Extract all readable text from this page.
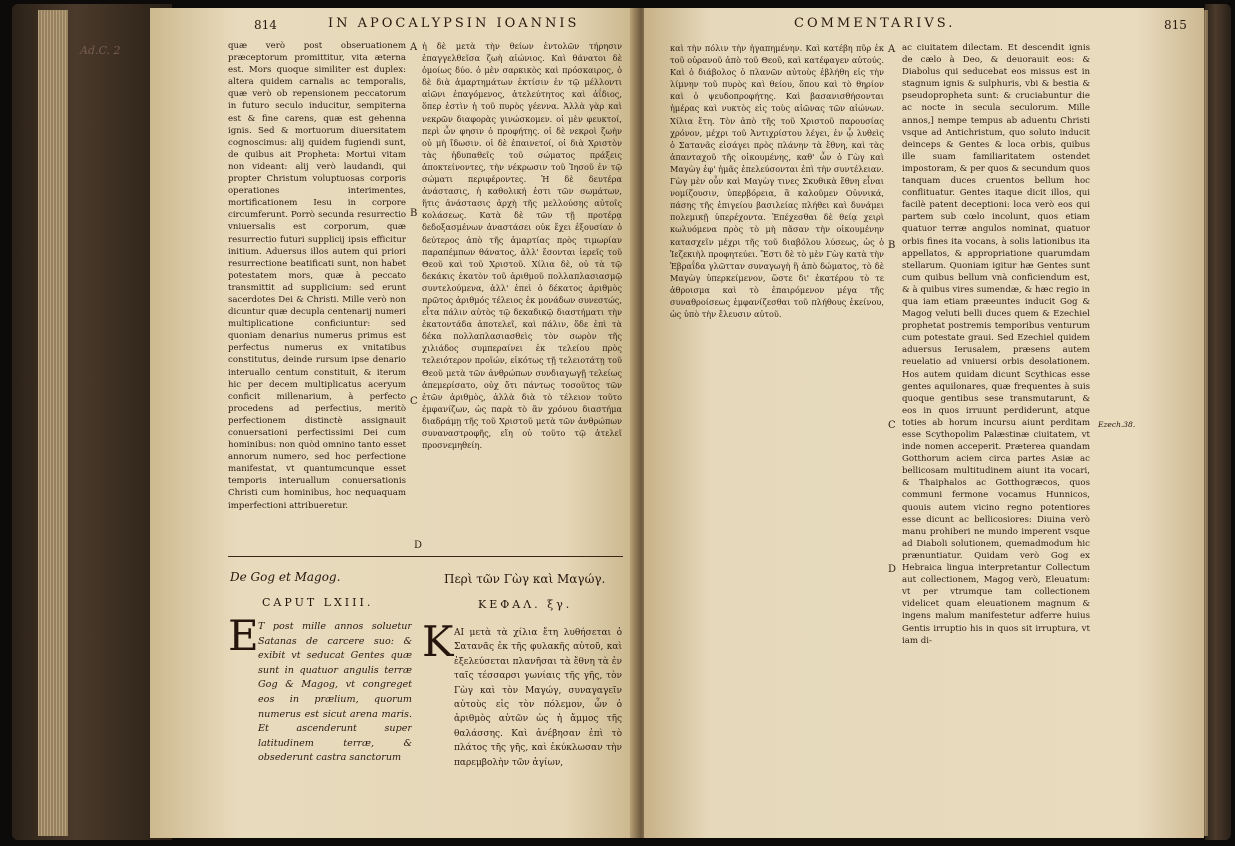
Ad.C. 2
814	IN APOCALYPSIN IOANNIS

quæ verò post obseruationem præceptorum promittitur, vita æterna est. Mors quoque similiter est duplex: altera quidem carnalis ac temporalis, quæ verò ob repensionem peccatorum in futuro seculo inducitur, sempiterna est & fine carens, quæ est gehenna ignis. Sed & mortuorum diuersitatem cognoscimus: alij quidem fugiendi sunt, de quibus ait Propheta: Mortui vitam non videant: alij verò laudandi, qui propter Christum voluptuosas corporis operationes interimentes, mortificationem Iesu in corpore circumferunt. Porrò secunda resurrectio vniuersalis est corporum, quæ resurrectio futuri supplicij ipsis efficitur initium. Aduersus illos autem qui priori resurrectione beatificati sunt, non habet potestatem mors, quæ à peccato transmittit ad supplicium: sed erunt sacerdotes Dei & Christi. Mille verò non dicuntur quæ decupla centenarij numeri multiplicatione conficiuntur: sed quoniam denarius numerus primus est perfectus numerus ex vnitatibus constitutus, deinde rursum ipse denario interuallo centum constituit, & iterum hic per decem multiplicatus acerуum conficit millenarium, à perfecto procedens ad perfectius, meritò perfectionem distinctè assignauit conuersationi perfectissimi Dei cum hominibus: non quòd omnino tanto esset annorum numero, sed hoc perfectione manifestat, vt quantumcunque esset temporis interuallum conuersationis Christi cum hominibus, hoc nequaquam imperfectioni attribueretur.

A
B
C

ἡ δὲ μετὰ τὴν θείων ἐντολῶν τήρησιν ἐπαγγελθεῖσα ζωὴ αἰώνιος. Καὶ θάνατοι δὲ ὁμοίως δύο. ὁ μὲν σαρκικὸς καὶ πρόσκαιρος, ὁ δὲ διὰ ἀμαρτημάτων ἐκτίσιν ἐν τῷ μέλλοντι αἰῶνι ἐπαγόμενος, ἀτελεύτητος καὶ ἀΐδιος, ὅπερ ἐστὶν ἡ τοῦ πυρὸς γέεννα. Ἀλλὰ γὰρ καὶ νεκρῶν διαφορὰς γινώσκομεν. οἱ μὲν φευκτοί, περὶ ὧν φησιν ὁ προφήτης. οἱ δὲ νεκροὶ ζωὴν οὐ μὴ ἴδωσιν. οἱ δὲ ἐπαινετοί, οἱ διὰ Χριστὸν τὰς ἡδυπαθεῖς τοῦ σώματος πράξεις ἀποκτείνοντες, τὴν νέκρωσιν τοῦ Ἰησοῦ ἐν τῷ σώματι περιφέροντες. Ἡ δὲ δευτέρα ἀνάστασις, ἡ καθολική ἐστι τῶν σωμάτων, ἥτις ἀνάστασις ἀρχὴ τῆς μελλούσης αὐτοῖς κολάσεως. Κατὰ δὲ τῶν τῇ προτέρᾳ δεδοξασμένων ἀναστάσει οὐκ ἔχει ἐξουσίαν ὁ δεύτερος ἀπὸ τῆς ἁμαρτίας πρὸς τιμωρίαν παραπέμπων θάνατος, ἀλλ' ἔσονται ἱερεῖς τοῦ Θεοῦ καὶ τοῦ Χριστοῦ. Χίλια δὲ, οὐ τὰ τῷ δεκάκις ἑκατὸν τοῦ ἀριθμοῦ πολλαπλασιασμῷ συντελούμενα, ἀλλ' ἐπεὶ ὁ δέκατος ἀριθμὸς πρῶτος ἀριθμός τέλειος ἐκ μονάδων συνεστώς, εἶτα πάλιν αὐτὸς τῷ δεκαδικῷ διαστήματι τὴν ἑκατοντάδα ἀποτελεῖ, καὶ πάλιν, ὅδε ἐπὶ τὰ δέκα πολλαπλασιασθεὶς τὸν σωρὸν τῆς χιλιάδος συμπεραίνει ἐκ τελείου πρὸς τελειότερον προϊών, εἰκότως τῇ τελειοτάτῃ τοῦ Θεοῦ μετὰ τῶν ἀνθρώπων συνδιαγωγῇ τελείως ἀπεμερίσατο, οὐχ ὅτι πάντως τοσοῦτος τῶν ἐτῶν ἀριθμὸς, ἀλλὰ διὰ τὸ τέλειον τοῦτο ἐμφανίζων, ὡς παρὰ τὸ ἂν χρόνου διαστήμα διαδράμῃ τῆς τοῦ Χριστοῦ μετὰ τῶν ἀνθρώπων συναναστροφῆς, εἴη οὐ τοῦτο τῷ ἀτελεῖ προσνεμηθείη.

D
De Gog et Magog.
CAPUT LXIII.
Περὶ τῶν Γὼγ καὶ Μαγώγ.
ΚΕΦΑΛ. ξγ.
E T post mille annos soluetur Satanas de carcere suo: & exibit vt seducat Gentes quæ sunt in quatuor angulis terræ Gog & Magog, vt congreget eos in prælium, quorum numerus est sicut arena maris. Et ascenderunt super latitudinem terræ, & obsederunt castra sanctorum

K AI μετὰ τὰ χίλια ἔτη λυθήσεται ὁ Σατανᾶς ἐκ τῆς φυλακῆς αὐτοῦ, καὶ ἐξελεύσεται πλανῆσαι τὰ ἔθνη τὰ ἐν ταῖς τέσσαρσι γωνίαις τῆς γῆς, τὸν Γὼγ καὶ τὸν Μαγώγ, συναγαγεῖν αὐτοὺς εἰς τὸν πόλεμον, ὧν ὁ ἀριθμὸς αὐτῶν ὡς ἡ ἄμμος τῆς θαλάσσης. Καὶ ἀνέβησαν ἐπὶ τὸ πλάτος τῆς γῆς, καὶ ἐκύκλωσαν τὴν παρεμβολὴν τῶν ἁγίων,

COMMENTARIVS.	815

καὶ τὴν πόλιν τὴν ἠγαπημένην. Καὶ κατέβη πῦρ ἐκ τοῦ οὐρανοῦ ἀπὸ τοῦ Θεοῦ, καὶ κατέφαγεν αὐτούς. Καὶ ὁ διάβολος ὁ πλανῶν αὐτοὺς ἐβλήθη εἰς τὴν λίμνην τοῦ πυρὸς καὶ θείου, ὅπου καὶ τὸ θηρίον καὶ ὁ ψευδοπροφήτης. Καὶ βασανισθήσονται ἡμέρας καὶ νυκτὸς εἰς τοὺς αἰῶνας τῶν αἰώνων. Χίλια ἔτη. Τὸν ἀπὸ τῆς τοῦ Χριστοῦ παρουσίας χρόνον, μέχρι τοῦ Ἀντιχρίστου λέγει, ἐν ᾧ λυθεὶς ὁ Σατανᾶς εἰσάγει πρὸς πλάνην τὰ ἔθνη, καὶ τὰς ἁπανταχοῦ τῆς οἰκουμένης, καθ' ὧν ὁ Γὼγ καὶ Μαγὼγ ἐφ' ἡμᾶς ἐπελεύσονται ἐπὶ τὴν συντέλειαν. Γὼγ μὲν οὖν καὶ Μαγὼγ τινες Σκυθικὰ ἔθνη εἶναι νομίζουσιν, ὑπερβόρεια, ἃ καλοῦμεν Οὐννικά, πάσης τῆς ἐπιγείου βασιλείας πλήθει καὶ δυνάμει πολεμικῇ ὑπερέχοντα. Ἐπέχεσθαι δὲ θείᾳ χειρὶ κωλυόμενα πρὸς τὸ μὴ πᾶσαν τὴν οἰκουμένην κατασχεῖν μέχρι τῆς τοῦ διαβόλου λύσεως, ὡς ὁ Ἰεζεκιὴλ προφητεύει. Ἔστι δὲ τὸ μὲν Γὼγ κατὰ τὴν Ἑβραΐδα γλῶτταν συναγωγὴ ἢ ἀπὸ δώματος, τὸ δὲ Μαγὼγ ὑπερκείμενον, ὥστε δι' ἐκατέρου τὸ τε ἀθροισμα καὶ τὸ ἐπαιρόμενον μέγα τῆς συναθροίσεως ἐμφανίζεσθαι τοῦ πλήθους ἐκείνου, ὡς ὑπὸ τὴν ἔλευσιν αὐτοῦ.

A
B
C
D

ac ciuitatem dilectam. Et descendit ignis de cælo à Deo, & deuorauit eos: & Diabolus qui seducebat eos missus est in stagnum ignis & sulphuris, vbi & bestia & pseudopropheta sunt: & cruciabuntur die ac nocte in secula seculorum. Mille annos,] nempe tempus ab aduentu Christi vsque ad Antichristum, quo soluto inducit deinceps & Gentes & loca orbis, quibus ille suam familiaritatem ostendet impostoram, & per quos & secundum quos tanquam duces cruentos bellum hoc conflituatur. Gentes itaque dicit illos, qui facilè patent deceptioni: loca verò eos qui partem sub cœlo incolunt, quos etiam quatuor terræ angulos nominat, quatuor orbis fines ita vocans, à solis lationibus ita appellatos, & appropriatione quarumdam stellarum. Quoniam igitur hæ Gentes sunt cum quibus bellum vnà conficiendum est, & à quibus vires sumendæ, & hæc regio in qua iam etiam præeuntes inducit Gog & Magog veluti belli duces quem & Ezechiel prophetat postremis temporibus venturum cum potestate graui. Sed Ezechiel quidem aduersus Ierusalem, præsens autem reuelatio ad vniuersi orbis desolationem. Hos autem quidam dicunt Scythicas esse gentes aquilonares, quæ frequentes à suis quoque gentibus sese transmutarunt, & eos in quos irruunt perdiderunt, atque toties ab horum incursu aiunt perditam esse Scythopolim Palæstinæ ciuitatem, vt inde nomen acceperit. Præterea quandam Gotthorum aciem circa partes Asiæ ac bellicosam multitudinem aiunt ita vocari, & Thaiphalos ac Gotthogræcos, quos communi fermone vocamus Hunnicos, quouis autem vicino regno potentiores esse dicunt ac bellicosiores: Diuina verò manu prohiberi ne mundo imperent vsque ad Diaboli solutionem, quemadmodum hic prænuntiatur. Quidam verò Gog ex Hebraica lingua interpretantur Collectum aut collectionem, Magog verò, Eleuatum: vt per vtrumque tam collectionem videlicet quam eleuationem magnum & ingens malum manifestetur adferre huius Gentis irruptio his in quos sit irruptura, vt iam di-

Ezech.38.
